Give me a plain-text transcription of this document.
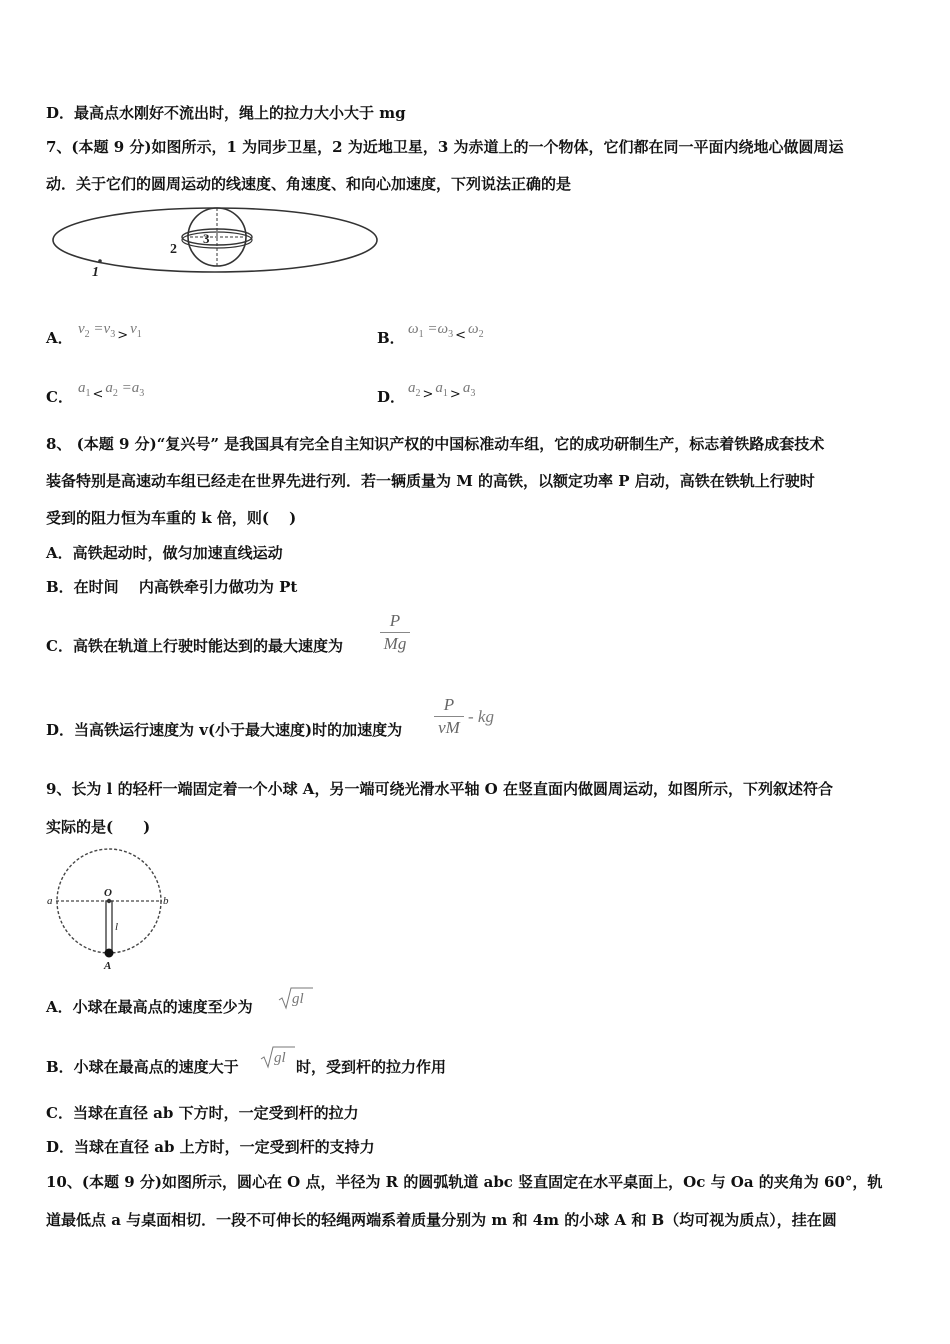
D．最高点水刚好不流出时，绳上的拉力大小大于 mg
7、(本题 9 分)如图所示，1 为同步卫星，2 为近地卫星，3 为赤道上的一个物体，它们都在同一平面内绕地心做圆周运
动．关于它们的圆周运动的线速度、角速度、和向心加速度，下列说法正确的是
2
3
1
A． $v_2 =v_3 > v_1$	B． $\omega_1 =\omega_3 < \omega_2$
C． $a_1 < a_2 =a_3$	D． $a_2 > a_1 > a_3$
8、 (本题 9 分)“复兴号” 是我国具有完全自主知识产权的中国标准动车组，它的成功研制生产，标志着铁路成套技术
装备特别是高速动车组已经走在世界先进行列．若一辆质量为 M 的高铁，以额定功率 P 启动，高铁在铁轨上行驶时
受到的阻力恒为车重的 k 倍，则(　 )
A．高铁起动时，做匀加速直线运动
B．在时间 　内高铁牵引力做功为 Pt
C．高铁在轨道上行驶时能达到的最大速度为
P
Mg
D．当高铁运行速度为 v(小于最大速度)时的加速度为
P
vM
- kg
9、长为 l 的轻杆一端固定着一个小球 A，另一端可绕光滑水平轴 O 在竖直面内做圆周运动，如图所示，下列叙述符合
实际的是(　　)
O
a	b
l
A
A．小球在最高点的速度至少为	gl
B．小球在最高点的速度大于 gl 时，受到杆的拉力作用
C．当球在直径 ab 下方时，一定受到杆的拉力
D．当球在直径 ab 上方时，一定受到杆的支持力
10、(本题 9 分)如图所示，圆心在 O 点，半径为 R 的圆弧轨道 abc 竖直固定在水平桌面上，Oc 与 Oa 的夹角为 60°，轨
道最低点 a 与桌面相切．一段不可伸长的轻绳两端系着质量分别为 m 和 4m 的小球 A 和 B（均可视为质点），挂在圆
